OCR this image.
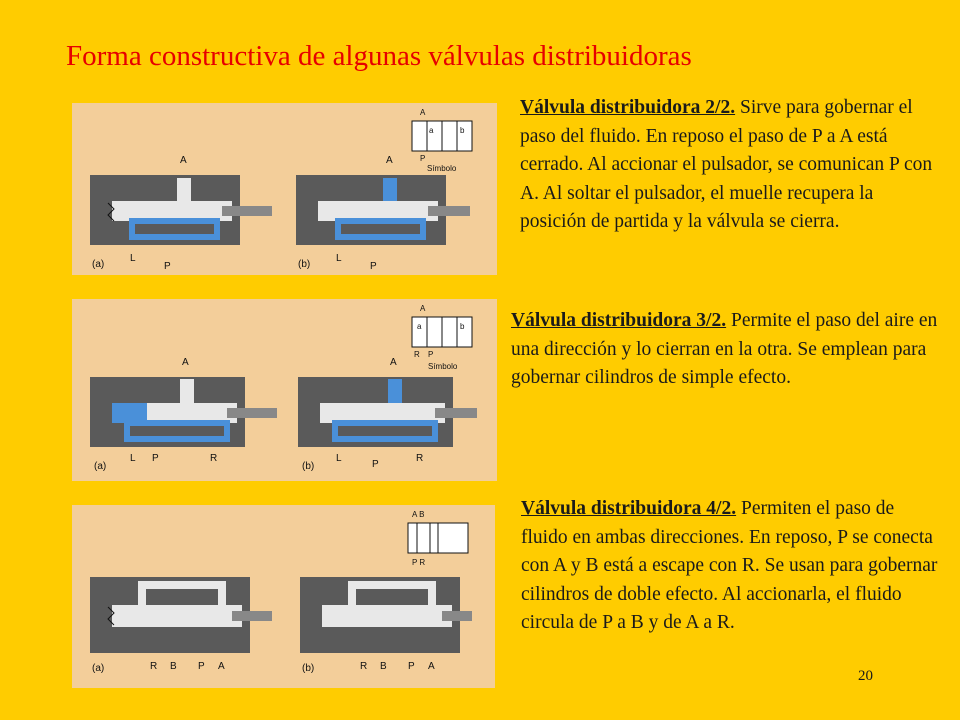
Forma constructiva de algunas válvulas distribuidoras
A
a	b
P
Símbolo
A
(a)
L
P
A
(b)
L
P
Válvula distribuidora 2/2. Sirve para gobernar el paso del fluido. En reposo el paso de P a A está cerrado. Al accionar el pulsador, se comunican P con A. Al soltar el pulsador, el muelle recupera la posición de partida y la válvula se cierra.
A
a	b
R P
Símbolo
A
(a)
L P	R
A
(b)
L
P
R
Válvula distribuidora 3/2. Permite el paso del aire en una dirección y lo cierran en la otra. Se emplean para gobernar cilindros de simple efecto.
A B
P R
(a)	R B P A	(b)	R B P A
Válvula distribuidora 4/2. Permiten el paso de fluido en ambas direcciones. En reposo, P se conecta con A y B está a escape con R. Se usan para gobernar cilindros de doble efecto. Al accionarla, el fluido circula de P a B y de A a R.
20
